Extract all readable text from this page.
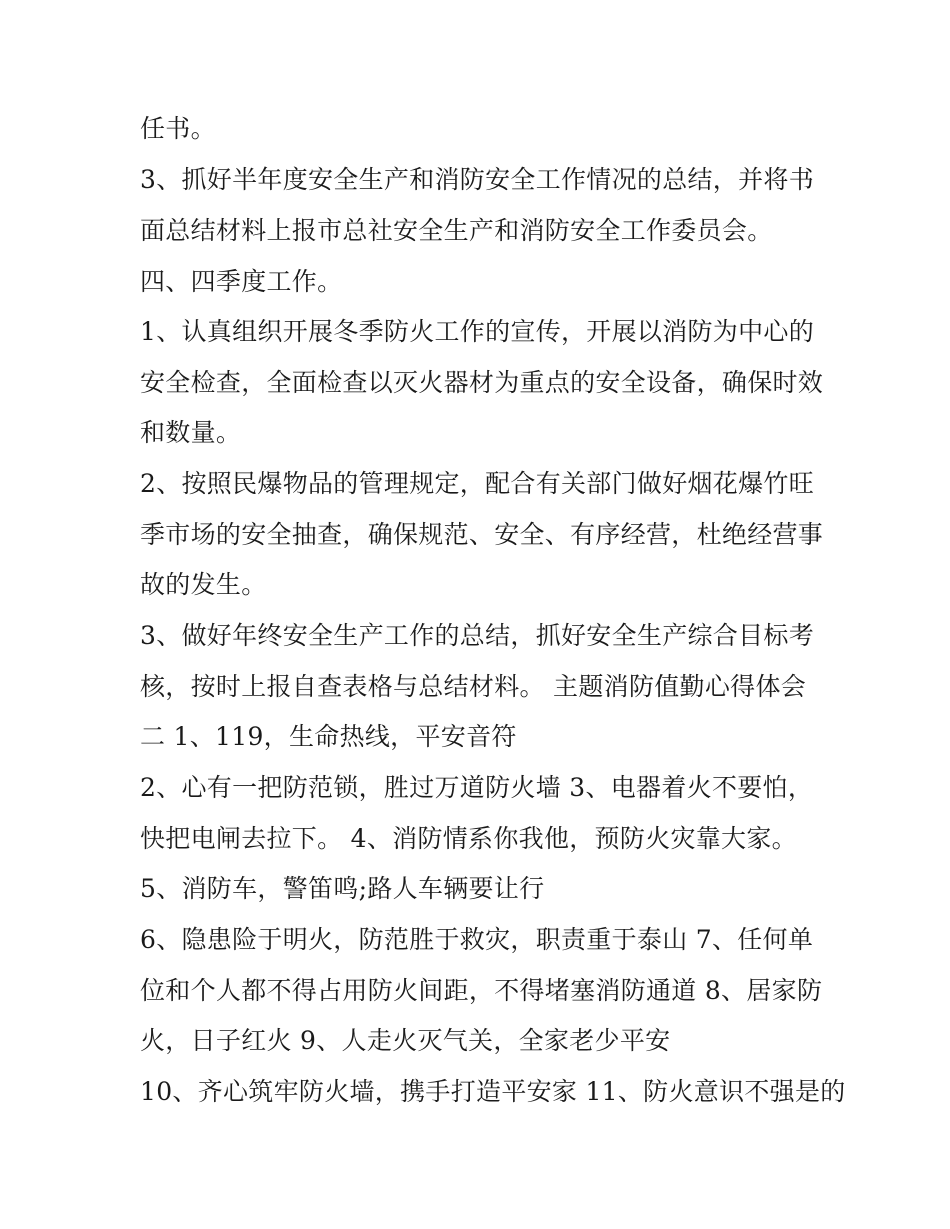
任书。
3、抓好半年度安全生产和消防安全工作情况的总结，并将书
面总结材料上报市总社安全生产和消防安全工作委员会。
四、四季度工作。
1、认真组织开展冬季防火工作的宣传，开展以消防为中心的
安全检查，全面检查以灭火器材为重点的安全设备，确保时效
和数量。
2、按照民爆物品的管理规定，配合有关部门做好烟花爆竹旺
季市场的安全抽查，确保规范、安全、有序经营，杜绝经营事
故的发生。
3、做好年终安全生产工作的总结，抓好安全生产综合目标考
核，按时上报自查表格与总结材料。 主题消防值勤心得体会
二 1、119，生命热线，平安音符
2、心有一把防范锁，胜过万道防火墙 3、电器着火不要怕，
快把电闸去拉下。 4、消防情系你我他，预防火灾靠大家。
5、消防车，警笛鸣;路人车辆要让行
6、隐患险于明火，防范胜于救灾，职责重于泰山 7、任何单
位和个人都不得占用防火间距，不得堵塞消防通道 8、居家防
火，日子红火 9、人走火灭气关，全家老少平安
10、齐心筑牢防火墙，携手打造平安家 11、防火意识不强是的
